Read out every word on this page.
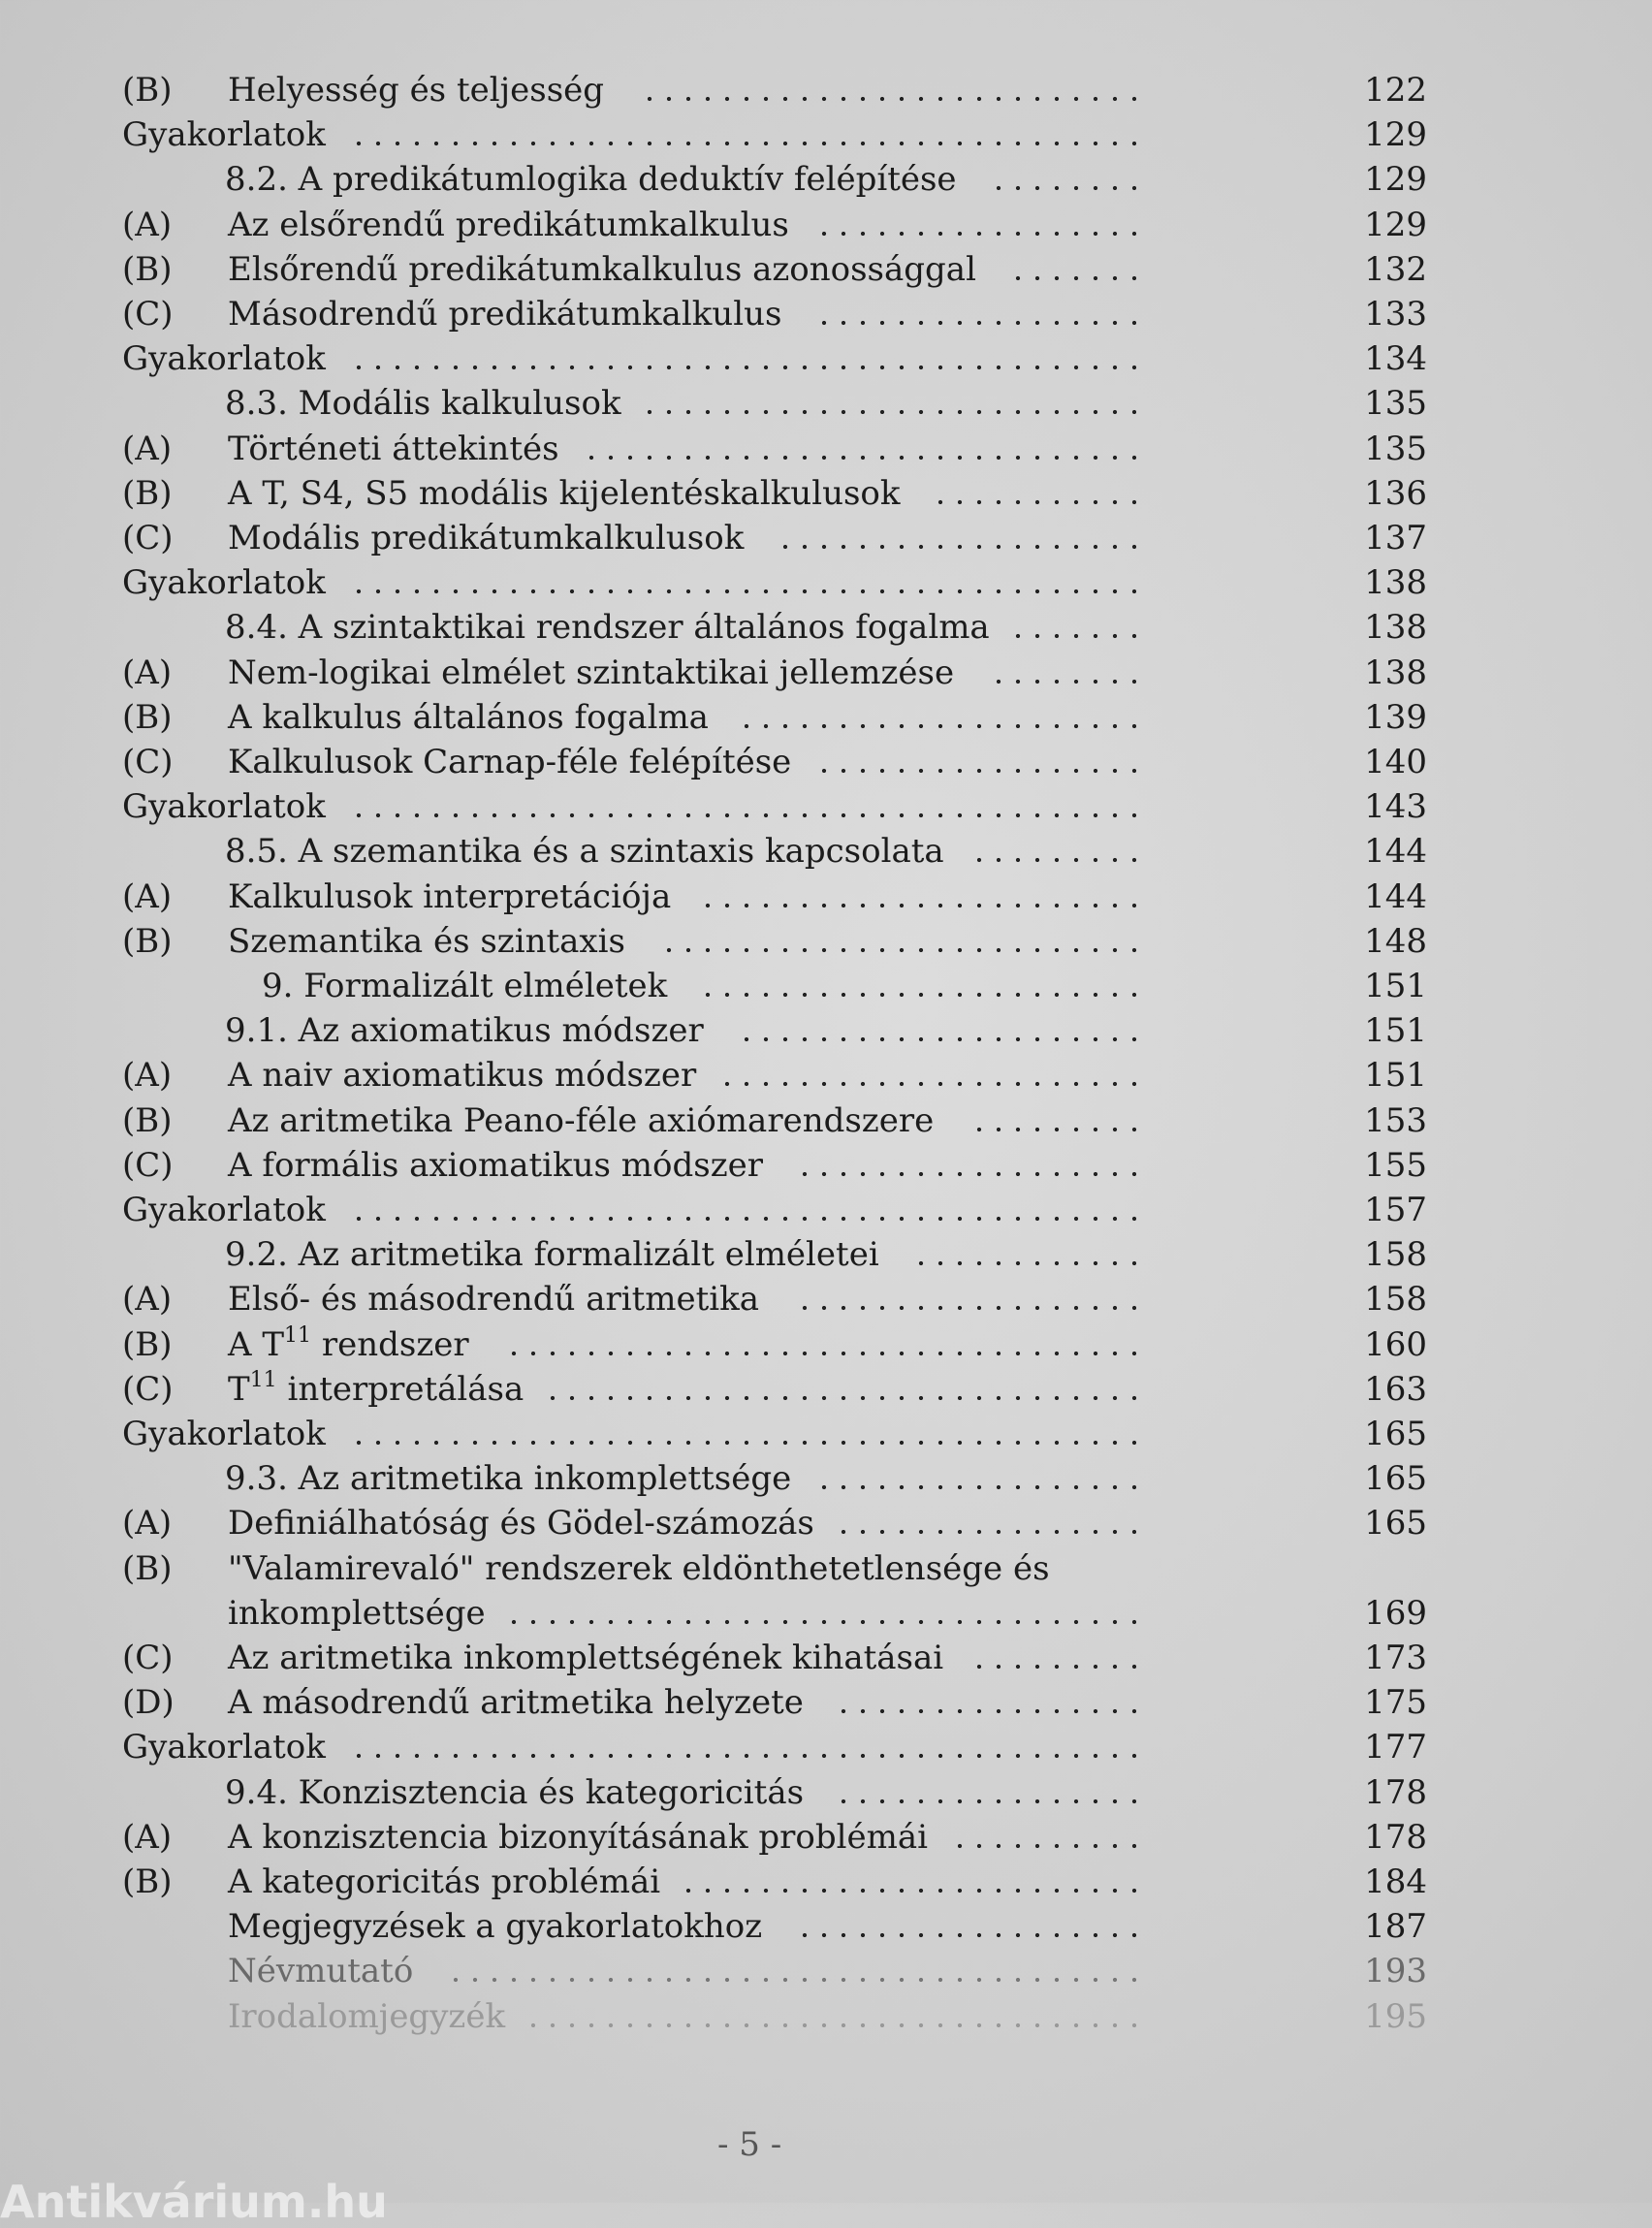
(B) Helyesség és teljesség	122
Gyakorlatok	129
8.2. A predikátumlogika deduktív felépítése	129
(A) Az elsőrendű predikátumkalkulus	129
(B) Elsőrendű predikátumkalkulus azonossággal	132
(C) Másodrendű predikátumkalkulus	133
Gyakorlatok	134
8.3. Modális kalkulusok	135
(A) Történeti áttekintés	135
(B) A T, S4, S5 modális kijelentéskalkulusok	136
(C) Modális predikátumkalkulusok	137
Gyakorlatok	138
8.4. A szintaktikai rendszer általános fogalma	138
(A) Nem-logikai elmélet szintaktikai jellemzése	138
(B) A kalkulus általános fogalma	139
(C) Kalkulusok Carnap-féle felépítése	140
Gyakorlatok	143
8.5. A szemantika és a szintaxis kapcsolata	144
(A) Kalkulusok interpretációja	144
(B) Szemantika és szintaxis	148
9. Formalizált elméletek	151
9.1. Az axiomatikus módszer	151
(A) A naiv axiomatikus módszer	151
(B) Az aritmetika Peano-féle axiómarendszere	153
(C) A formális axiomatikus módszer	155
Gyakorlatok	157
9.2. Az aritmetika formalizált elméletei	158
(A) Első- és másodrendű aritmetika	158
(B) A $T^{11}$ rendszer	160
(C) $T^{11}$ interpretálása	163
Gyakorlatok	165
9.3. Az aritmetika inkomplettsége	165
(A) Definiálhatóság és Gödel-számozás	165
(B) "Valamirevaló" rendszerek eldönthetetlensége és
inkomplettsége	169
(C) Az aritmetika inkomplettségének kihatásai	173
(D) A másodrendű aritmetika helyzete	175
Gyakorlatok	177
9.4. Konzisztencia és kategoricitás	178
(A) A konzisztencia bizonyításának problémái	178
(B) A kategoricitás problémái	184
Megjegyzések a gyakorlatokhoz	187
Névmutató	193
Irodalomjegyzék	195
- 5 -
Antikvárium.hu
